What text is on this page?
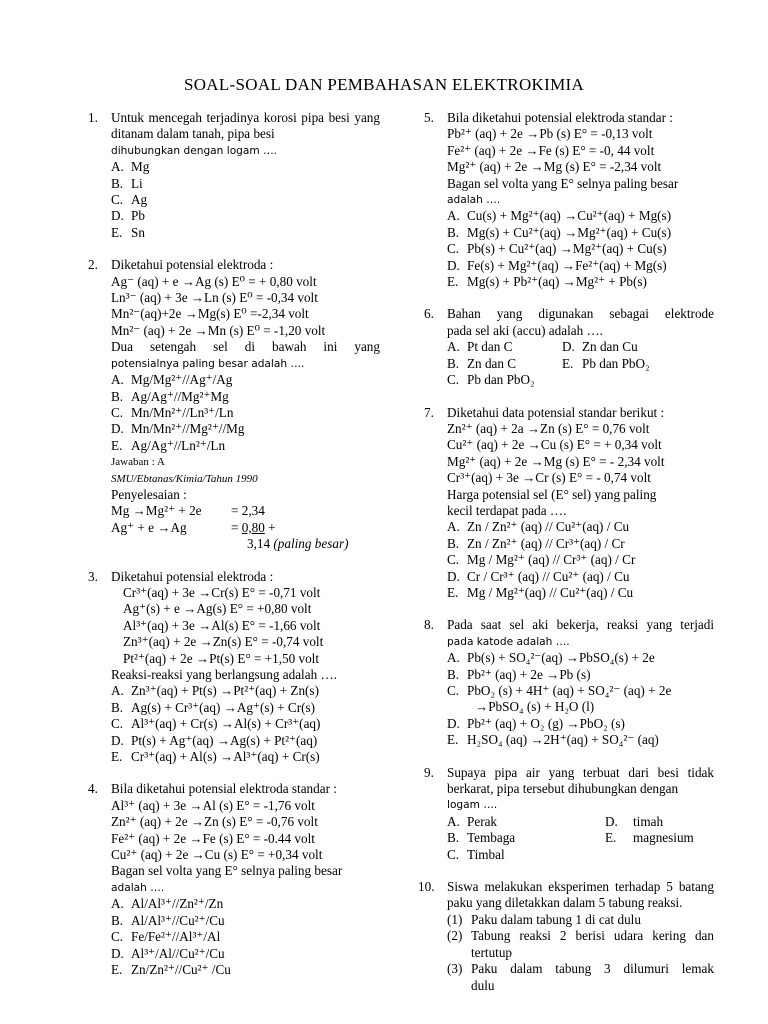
SOAL-SOAL DAN PEMBAHASAN ELEKTROKIMIA
1. Untuk mencegah terjadinya korosi pipa besi yang ditanam dalam tanah, pipa besi
dihubungkan dengan logam ….
A. Mg
B. Li
C. Ag
D. Pb
E. Sn
2. Diketahui potensial elektroda :
Ag⁻ (aq) + e →Ag (s) E⁰ = + 0,80 volt
Ln³⁻ (aq) + 3e →Ln (s) E⁰ = -0,34 volt
Mn²⁻(aq)+2e →Mg(s) E⁰ =-2,34 volt
Mn²⁻ (aq) + 2e →Mn (s) E⁰ = -1,20 volt
Dua setengah sel di bawah ini yang
potensialnya paling besar adalah ….
A. Mg/Mg²⁺//Ag⁺/Ag
B. Ag/Ag⁺//Mg²⁺Mg
C. Mn/Mn²⁺//Ln³⁺/Ln
D. Mn/Mn²⁺//Mg²⁺//Mg
E. Ag/Ag⁺//Ln²⁺/Ln
Jawaban : A
SMU/Ebtanas/Kimia/Tahun 1990
Penyelesaian :
Mg →Mg²⁺ + 2e = 2,34
Ag⁺ + e →Ag	= 0,80 +
3,14 (paling besar)
3. Diketahui potensial elektroda :
Cr³⁺(aq) + 3e →Cr(s) E° = -0,71 volt
Ag⁺(s) + e →Ag(s) E° = +0,80 volt
Al³⁺(aq) + 3e →Al(s) E° = -1,66 volt
Zn³⁺(aq) + 2e →Zn(s) E° = -0,74 volt
Pt²⁺(aq) + 2e →Pt(s) E° = +1,50 volt
Reaksi-reaksi yang berlangsung adalah ….
A. Zn³⁺(aq) + Pt(s) →Pt²⁺(aq) + Zn(s)
B. Ag(s) + Cr³⁺(aq) →Ag⁺(s) + Cr(s)
C. Al³⁺(aq) + Cr(s) →Al(s) + Cr³⁺(aq)
D. Pt(s) + Ag⁺(aq) →Ag(s) + Pt²⁺(aq)
E. Cr³⁺(aq) + Al(s) →Al³⁺(aq) + Cr(s)
4. Bila diketahui potensial elektroda standar :
Al³⁺ (aq) + 3e →Al (s) E° = -1,76 volt
Zn²⁺ (aq) + 2e →Zn (s) E° = -0,76 volt
Fe²⁺ (aq) + 2e →Fe (s) E° = -0.44 volt
Cu²⁺ (aq) + 2e →Cu (s) E° = +0,34 volt
Bagan sel volta yang E° selnya paling besar
adalah ….
A. Al/Al³⁺//Zn²⁺/Zn
B. Al/Al³⁺//Cu²⁺/Cu
C. Fe/Fe²⁺//Al³⁺/Al
D. Al³⁺/Al//Cu²⁺/Cu
E. Zn/Zn²⁺//Cu²⁺ /Cu
5. Bila diketahui potensial elektroda standar :
Pb²⁺ (aq) + 2e →Pb (s) E° = -0,13 volt
Fe²⁺ (aq) + 2e →Fe (s) E° = -0, 44 volt
Mg²⁺ (aq) + 2e →Mg (s) E° = -2,34 volt
Bagan sel volta yang E° selnya paling besar
adalah ….
A. Cu(s) + Mg²⁺(aq) →Cu²⁺(aq) + Mg(s)
B. Mg(s) + Cu²⁺(aq) →Mg²⁺(aq) + Cu(s)
C. Pb(s) + Cu²⁺(aq) →Mg²⁺(aq) + Cu(s)
D. Fe(s) + Mg²⁺(aq) →Fe²⁺(aq) + Mg(s)
E. Mg(s) + Pb²⁺(aq) →Mg²⁺ + Pb(s)
6. Bahan yang digunakan sebagai elektrode
pada sel aki (accu) adalah ….
A. Pt dan C	D. Zn dan Cu
B. Zn dan C	E. Pb dan PbO₂
C. Pb dan PbO₂
7. Diketahui data potensial standar berikut :
Zn²⁺ (aq) + 2a →Zn (s) E° = 0,76 volt
Cu²⁺ (aq) + 2e →Cu (s) E° = + 0,34 volt
Mg²⁺ (aq) + 2e →Mg (s) E° = - 2,34 volt
Cr³⁺(aq) + 3e →Cr (s) E° = - 0,74 volt
Harga potensial sel (E° sel) yang paling
kecil terdapat pada ….
A. Zn / Zn²⁺ (aq) // Cu²⁺(aq) / Cu
B. Zn / Zn²⁺ (aq) // Cr³⁺(aq) / Cr
C. Mg / Mg²⁺ (aq) // Cr³⁺ (aq) / Cr
D. Cr / Cr³⁺ (aq) // Cu²⁺ (aq) / Cu
E. Mg / Mg²⁺(aq) // Cu²⁺(aq) / Cu
8. Pada saat sel aki bekerja, reaksi yang terjadi
pada katode adalah ….
A. Pb(s) + SO₄²⁻(aq) →PbSO₄(s) + 2e
B. Pb²⁺ (aq) + 2e →Pb (s)
C. PbO₂ (s) + 4H⁺ (aq) + SO₄²⁻ (aq) + 2e
→PbSO₄ (s) + H₂O (l)
D. Pb²⁺ (aq) + O₂ (g) →PbO₂ (s)
E. H₂SO₄ (aq) →2H⁺(aq) + SO₄²⁻ (aq)
9. Supaya pipa air yang terbuat dari besi tidak berkarat, pipa tersebut dihubungkan dengan
logam ….
A. Perak	D.	timah
B. Tembaga	E.	magnesium
C. Timbal
10. Siswa melakukan eksperimen terhadap 5 batang paku yang diletakkan dalam 5 tabung reaksi.
(1) Paku dalam tabung 1 di cat dulu
(2) Tabung reaksi 2 berisi udara kering dan
tertutup
(3) Paku dalam tabung 3 dilumuri lemak
dulu
